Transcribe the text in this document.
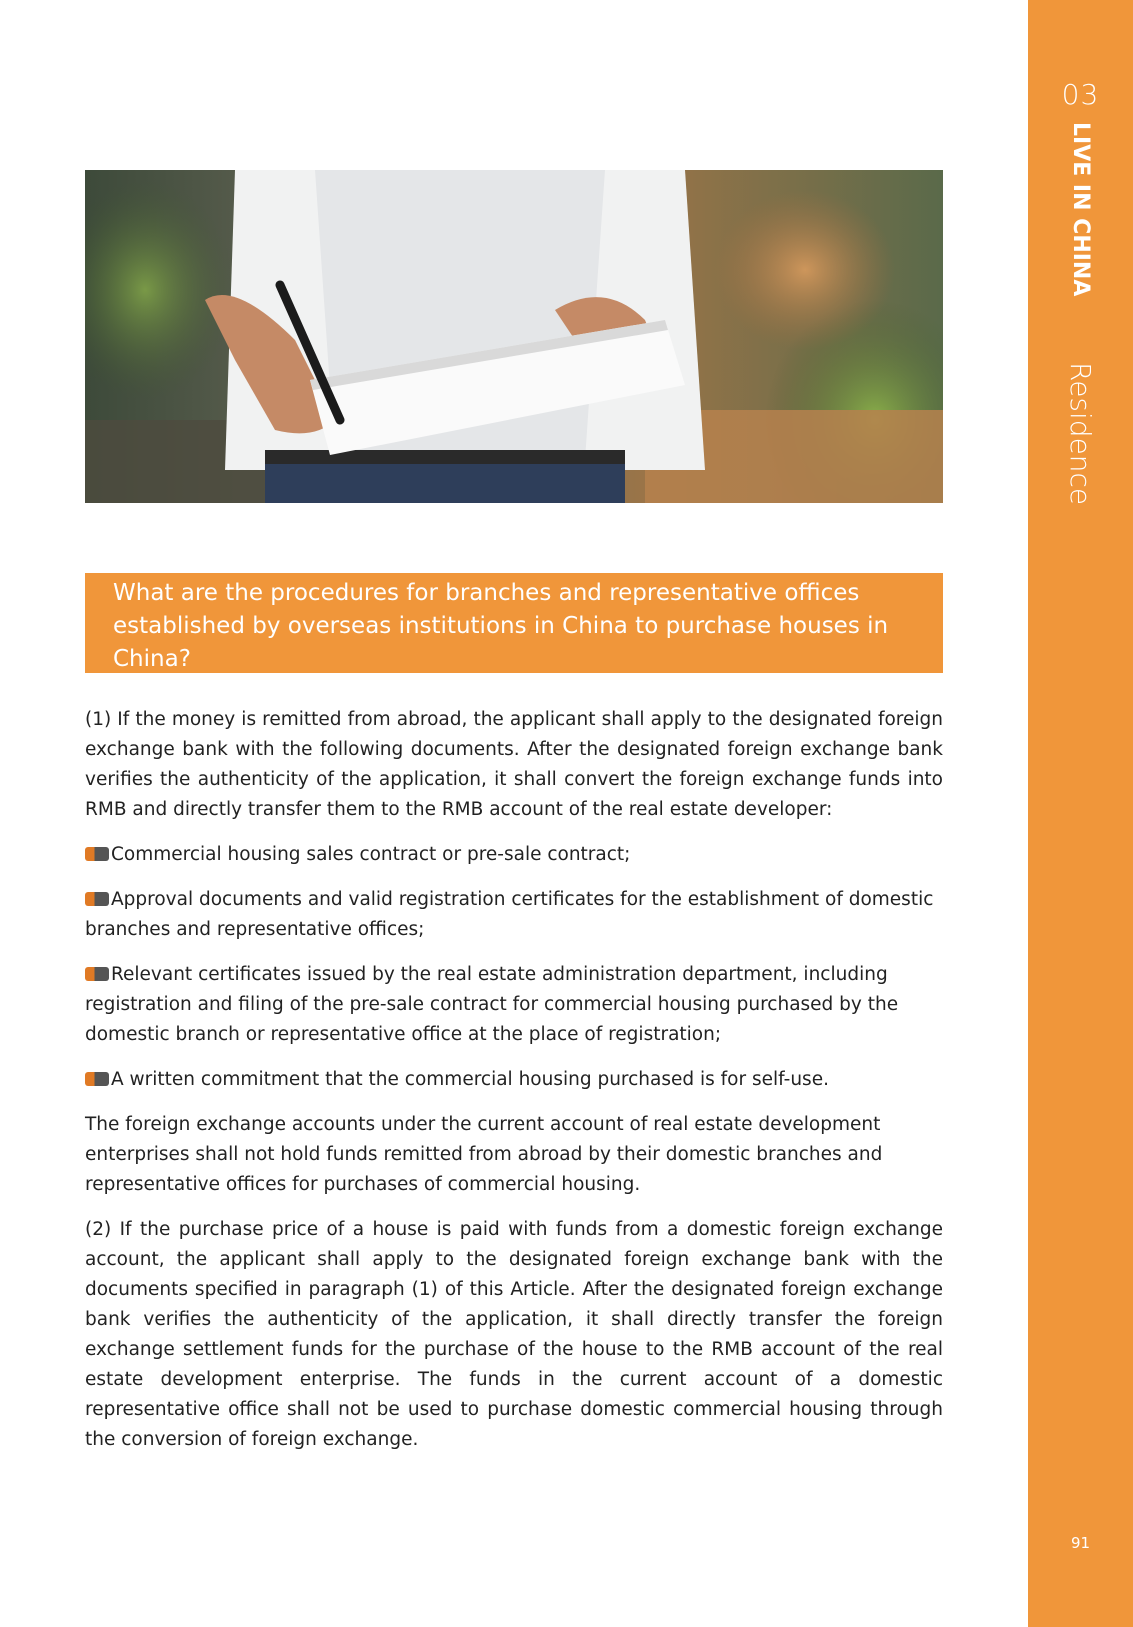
03
LIVE IN CHINA
Residence
91
What are the procedures for branches and representative offices established by overseas institutions in China to purchase houses in China?

(1) If the money is remitted from abroad, the applicant shall apply to the designated foreign exchange bank with the following documents. After the designated foreign exchange bank verifies the authenticity of the application, it shall convert the foreign exchange funds into RMB and directly transfer them to the RMB account of the real estate developer:

Commercial housing sales contract or pre-sale contract;

Approval documents and valid registration certificates for the establishment of domestic branches and representative offices;

Relevant certificates issued by the real estate administration department, including registration and filing of the pre-sale contract for commercial housing purchased by the domestic branch or representative office at the place of registration;

A written commitment that the commercial housing purchased is for self-use.

The foreign exchange accounts under the current account of real estate development enterprises shall not hold funds remitted from abroad by their domestic branches and representative offices for purchases of commercial housing.

(2) If the purchase price of a house is paid with funds from a domestic foreign exchange account, the applicant shall apply to the designated foreign exchange bank with the documents specified in paragraph (1) of this Article. After the designated foreign exchange bank verifies the authenticity of the application, it shall directly transfer the foreign exchange settlement funds for the purchase of the house to the RMB account of the real estate development enterprise. The funds in the current account of a domestic representative office shall not be used to purchase domestic commercial housing through the conversion of foreign exchange.
